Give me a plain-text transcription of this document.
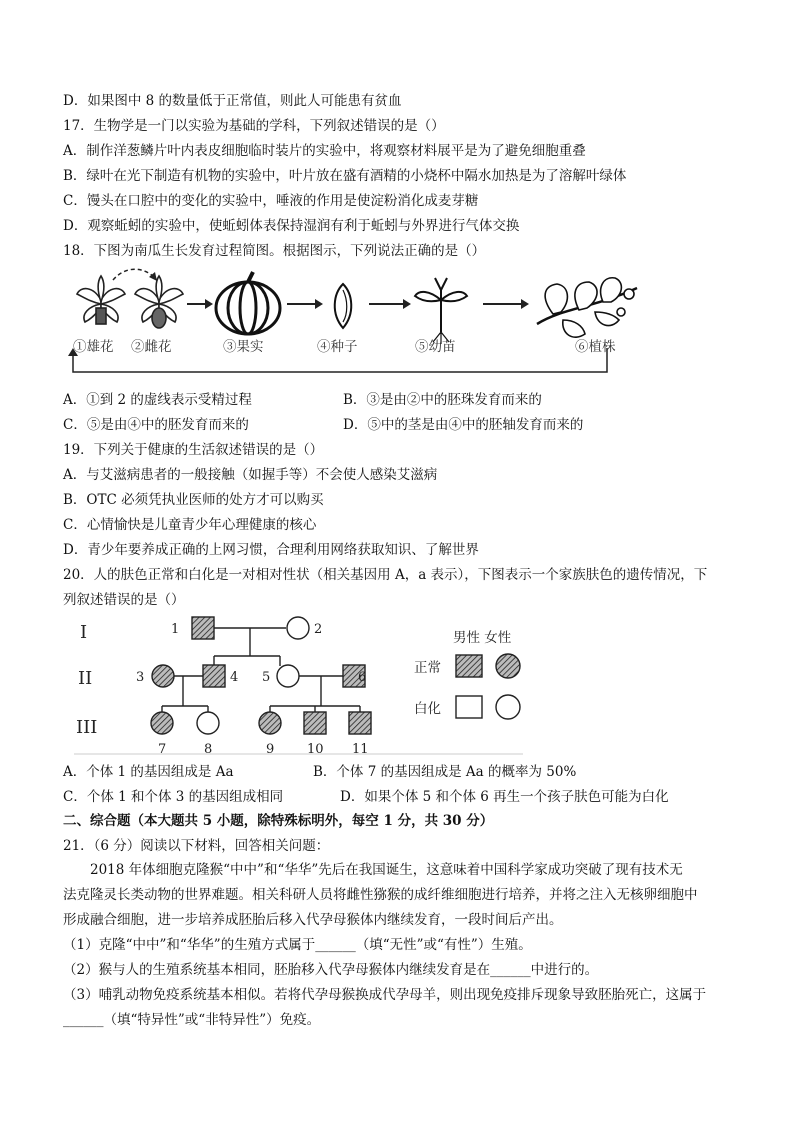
D．如果图中 8 的数量低于正常值，则此人可能患有贫血
17．生物学是一门以实验为基础的学科，下列叙述错误的是（）
A．制作洋葱鳞片叶内表皮细胞临时装片的实验中，将观察材料展平是为了避免细胞重叠
B．绿叶在光下制造有机物的实验中，叶片放在盛有酒精的小烧杯中隔水加热是为了溶解叶绿体
C．馒头在口腔中的变化的实验中，唾液的作用是使淀粉消化成麦芽糖
D．观察蚯蚓的实验中，使蚯蚓体表保持湿润有利于蚯蚓与外界进行气体交换
18．下图为南瓜生长发育过程简图。根据图示，下列说法正确的是（）
①雄花 ②雌花	③果实	④种子	⑤幼苗	⑥植株
A．①到 2 的虚线表示受精过程	B．③是由②中的胚珠发育而来的
C．⑤是由④中的胚发育而来的	D．⑤中的茎是由④中的胚轴发育而来的
19．下列关于健康的生活叙述错误的是（）
A．与艾滋病患者的一般接触（如握手等）不会使人感染艾滋病
B．OTC 必须凭执业医师的处方才可以购买
C．心情愉快是儿童青少年心理健康的核心
D．青少年要养成正确的上网习惯，合理利用网络获取知识、了解世界
20．人的肤色正常和白化是一对相对性状（相关基因用 A，a 表示），下图表示一个家族肤色的遗传情况，下
列叙述错误的是（）
I
II
III
1	2
3	4 5	6
7	8	9	10 11
男性 女性
正常
白化
A．个体 1 的基因组成是 Aa	B．个体 7 的基因组成是 Aa 的概率为 50%
C．个体 1 和个体 3 的基因组成相同	D．如果个体 5 和个体 6 再生一个孩子肤色可能为白化
二、综合题（本大题共 5 小题，除特殊标明外，每空 1 分，共 30 分）
21．（6 分）阅读以下材料，回答相关问题：
2018 年体细胞克隆猴“中中”和“华华”先后在我国诞生，这意味着中国科学家成功突破了现有技术无
法克隆灵长类动物的世界难题。相关科研人员将雌性猕猴的成纤维细胞进行培养，并将之注入无核卵细胞中
形成融合细胞，进一步培养成胚胎后移入代孕母猴体内继续发育，一段时间后产出。
（1）克隆“中中”和“华华”的生殖方式属于______（填“无性”或“有性”）生殖。
（2）猴与人的生殖系统基本相同，胚胎移入代孕母猴体内继续发育是在______中进行的。
（3）哺乳动物免疫系统基本相似。若将代孕母猴换成代孕母羊，则出现免疫排斥现象导致胚胎死亡，这属于
______（填“特异性”或“非特异性”）免疫。
